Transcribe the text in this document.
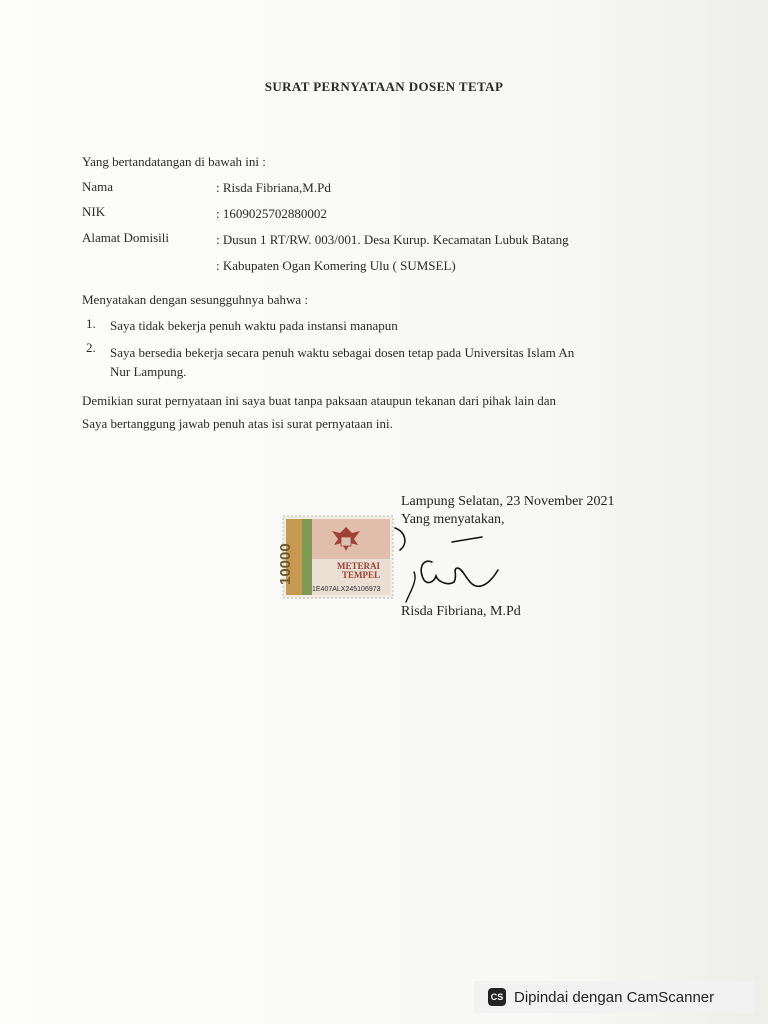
SURAT PERNYATAAN DOSEN TETAP
Yang bertandatangan di bawah ini :
Nama	: Risda Fibriana,M.Pd
NIK	: 1609025702880002
Alamat Domisili	: Dusun 1 RT/RW. 003/001. Desa Kurup. Kecamatan Lubuk Batang
: Kabupaten Ogan Komering Ulu ( SUMSEL)
Menyatakan dengan sesungguhnya bahwa :
1. Saya tidak bekerja penuh waktu pada instansi manapun
2. Saya bersedia bekerja secara penuh waktu sebagai dosen tetap pada Universitas Islam An
Nur Lampung.
Demikian surat pernyataan ini saya buat tanpa paksaan ataupun tekanan dari pihak lain dan
Saya bertanggung jawab penuh atas isi surat pernyataan ini.
Lampung Selatan, 23 November 2021
Yang menyatakan,
10000	METERAI
TEMPEL
1E407ALX245106973
Risda Fibriana, M.Pd
CS Dipindai dengan CamScanner
